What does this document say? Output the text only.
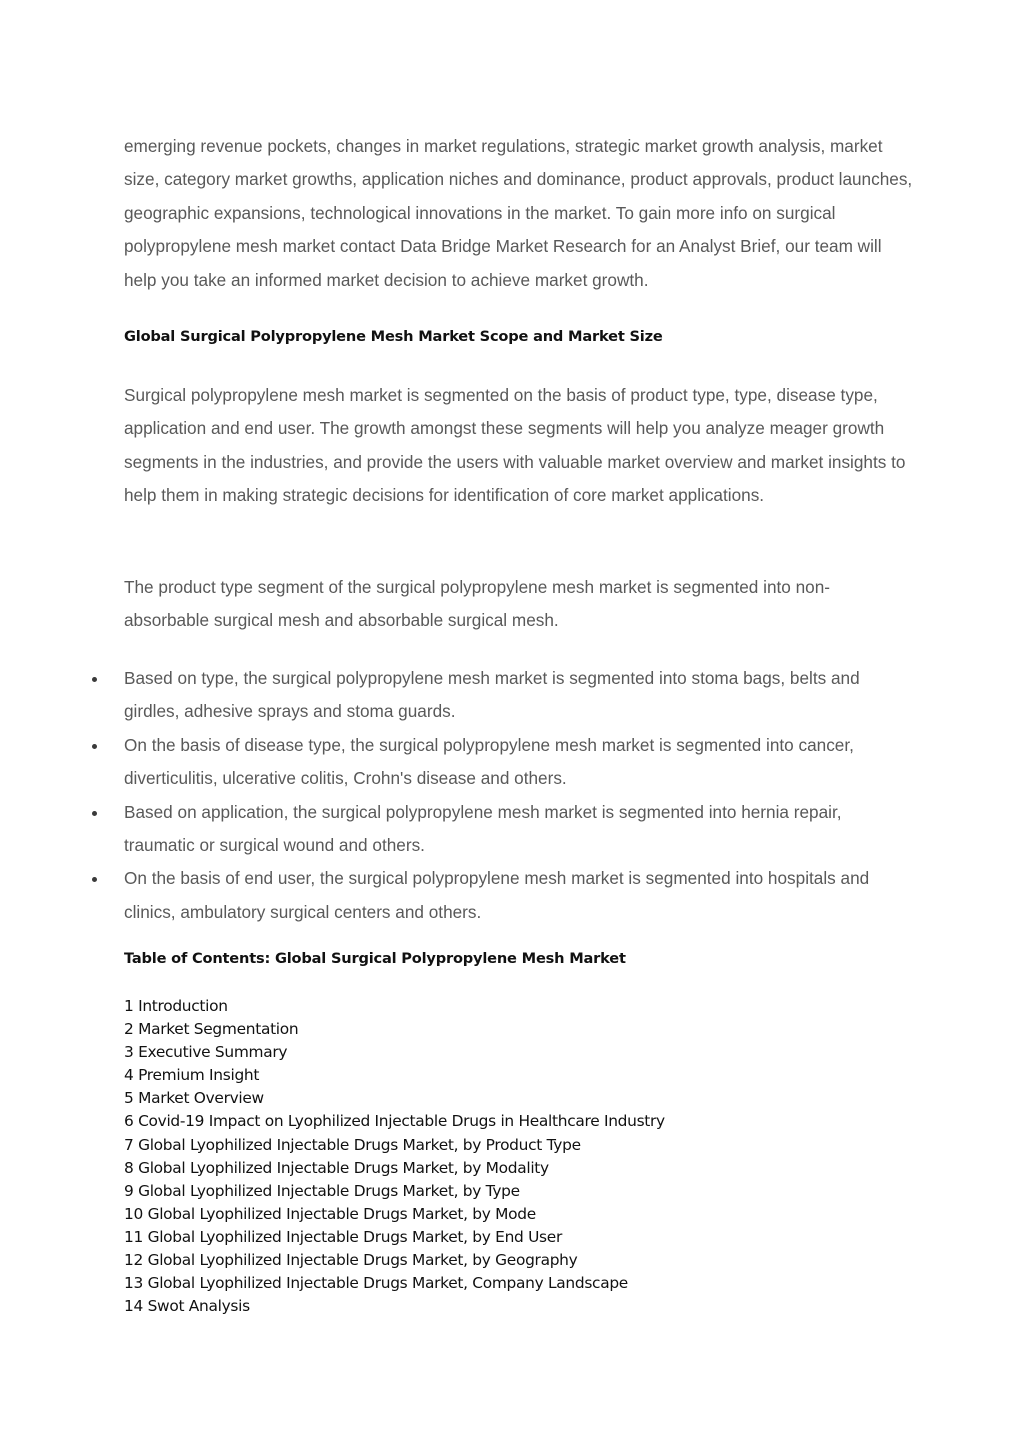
emerging revenue pockets, changes in market regulations, strategic market growth analysis, market size, category market growths, application niches and dominance, product approvals, product launches, geographic expansions, technological innovations in the market. To gain more info on surgical polypropylene mesh market contact Data Bridge Market Research for an Analyst Brief, our team will help you take an informed market decision to achieve market growth.

Global Surgical Polypropylene Mesh Market Scope and Market Size

Surgical polypropylene mesh market is segmented on the basis of product type, type, disease type, application and end user. The growth amongst these segments will help you analyze meager growth segments in the industries, and provide the users with valuable market overview and market insights to help them in making strategic decisions for identification of core market applications.

The product type segment of the surgical polypropylene mesh market is segmented into non-absorbable surgical mesh and absorbable surgical mesh.

Based on type, the surgical polypropylene mesh market is segmented into stoma bags, belts and girdles, adhesive sprays and stoma guards.
On the basis of disease type, the surgical polypropylene mesh market is segmented into cancer, diverticulitis, ulcerative colitis, Crohn's disease and others.
Based on application, the surgical polypropylene mesh market is segmented into hernia repair, traumatic or surgical wound and others.
On the basis of end user, the surgical polypropylene mesh market is segmented into hospitals and clinics, ambulatory surgical centers and others.
Table of Contents: Global Surgical Polypropylene Mesh Market
1 Introduction
2 Market Segmentation
3 Executive Summary
4 Premium Insight
5 Market Overview
6 Covid-19 Impact on Lyophilized Injectable Drugs in Healthcare Industry
7 Global Lyophilized Injectable Drugs Market, by Product Type
8 Global Lyophilized Injectable Drugs Market, by Modality
9 Global Lyophilized Injectable Drugs Market, by Type
10 Global Lyophilized Injectable Drugs Market, by Mode
11 Global Lyophilized Injectable Drugs Market, by End User
12 Global Lyophilized Injectable Drugs Market, by Geography
13 Global Lyophilized Injectable Drugs Market, Company Landscape
14 Swot Analysis
